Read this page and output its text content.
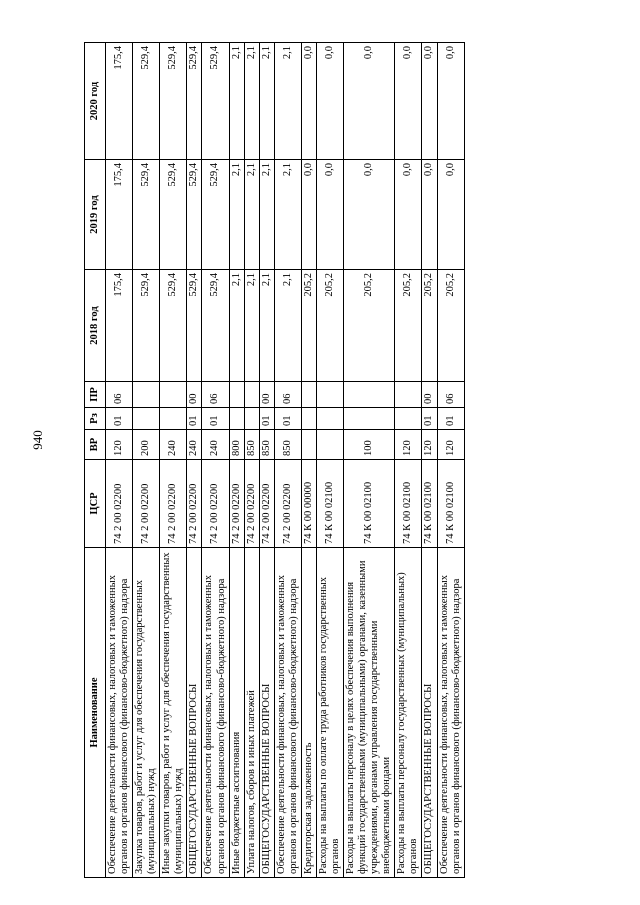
940
Наименование	ЦСР	ВР	Рз	ПР	2018 год	2019 год	2020 год
Обеспечение деятельности финансовых, налоговых и таможенных органов и органов финансового (финансово-бюджетного) надзора	74 2 00 02200	120	01	06	175,4	175,4	175,4
Закупка товаров, работ и услуг для обеспечения государственных (муниципальных) нужд	74 2 00 02200	200			529,4	529,4	529,4
Иные закупки товаров, работ и услуг для обеспечения государственных (муниципальных) нужд	74 2 00 02200	240			529,4	529,4	529,4
ОБЩЕГОСУДАРСТВЕННЫЕ ВОПРОСЫ	74 2 00 02200	240	01	00	529,4	529,4	529,4
Обеспечение деятельности финансовых, налоговых и таможенных органов и органов финансового (финансово-бюджетного) надзора	74 2 00 02200	240	01	06	529,4	529,4	529,4
Иные бюджетные ассигнования	74 2 00 02200	800			2,1	2,1	2,1
Уплата налогов, сборов и иных платежей	74 2 00 02200	850			2,1	2,1	2,1
ОБЩЕГОСУДАРСТВЕННЫЕ ВОПРОСЫ	74 2 00 02200	850	01	00	2,1	2,1	2,1
Обеспечение деятельности финансовых, налоговых и таможенных органов и органов финансового (финансово-бюджетного) надзора	74 2 00 02200	850	01	06	2,1	2,1	2,1
Кредиторская задолженность	74 К 00 00000				205,2	0,0	0,0
Расходы на выплаты по оплате труда работников государственных органов	74 К 00 02100				205,2	0,0	0,0
Расходы на выплаты персоналу в целях обеспечения выполнения функций государственными (муниципальными) органами, казенными учреждениями, органами управления государственными внебюджетными фондами	74 К 00 02100	100			205,2	0,0	0,0
Расходы на выплаты персоналу государственных (муниципальных) органов	74 К 00 02100	120			205,2	0,0	0,0
ОБЩЕГОСУДАРСТВЕННЫЕ ВОПРОСЫ	74 К 00 02100	120	01	00	205,2	0,0	0,0
Обеспечение деятельности финансовых, налоговых и таможенных органов и органов финансового (финансово-бюджетного) надзора	74 К 00 02100	120	01	06	205,2	0,0	0,0
